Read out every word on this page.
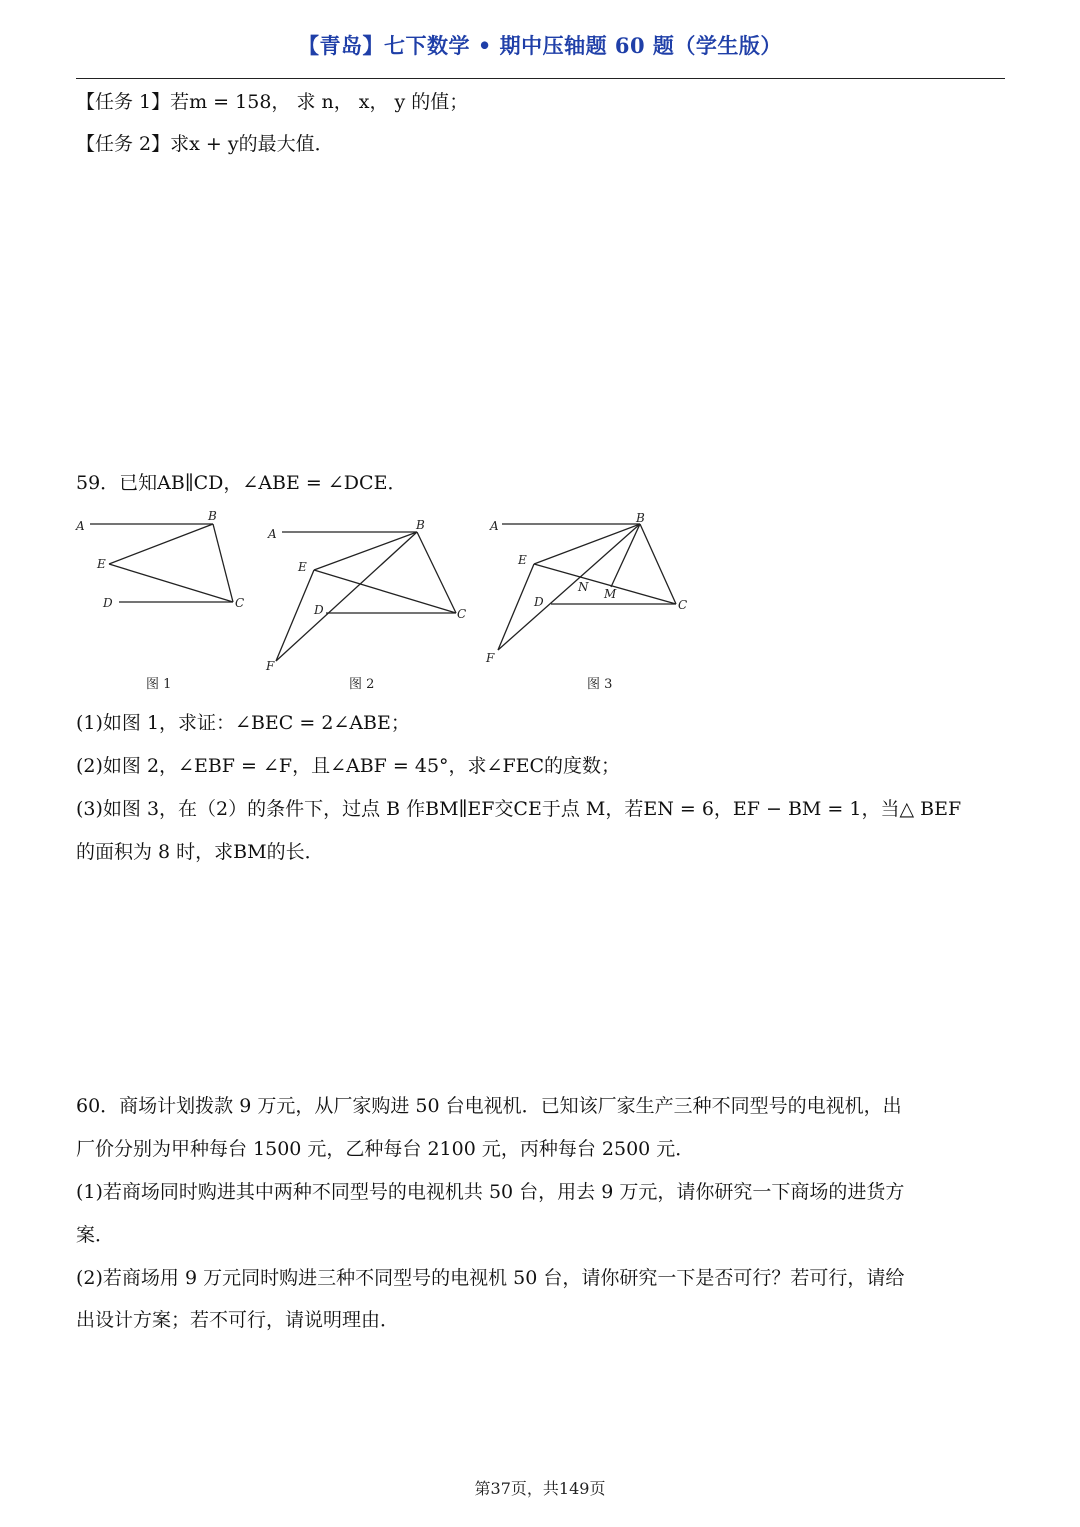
【青岛】七下数学 • 期中压轴题 60 题（学生版）
【任务 1】若m = 158， 求 n， x， y 的值；
【任务 2】求x + y的最大值．
59．已知AB∥CD，∠ABE = ∠DCE．
A
B
E
D	C
图 1
A
B
E
D	C
F
图 2
A
B
E
N M
D	C
F
图 3
(1)如图 1，求证：∠BEC = 2∠ABE；
(2)如图 2，∠EBF = ∠F，且∠ABF = 45°，求∠FEC的度数；
(3)如图 3，在（2）的条件下，过点 B 作BM∥EF交CE于点 M，若EN = 6，EF − BM = 1，当△ BEF
的面积为 8 时，求BM的长．
60．商场计划拨款 9 万元，从厂家购进 50 台电视机．已知该厂家生产三种不同型号的电视机，出
厂价分别为甲种每台 1500 元，乙种每台 2100 元，丙种每台 2500 元．
(1)若商场同时购进其中两种不同型号的电视机共 50 台，用去 9 万元，请你研究一下商场的进货方
案．
(2)若商场用 9 万元同时购进三种不同型号的电视机 50 台，请你研究一下是否可行？若可行，请给
出设计方案；若不可行，请说明理由．
第37页，共149页
